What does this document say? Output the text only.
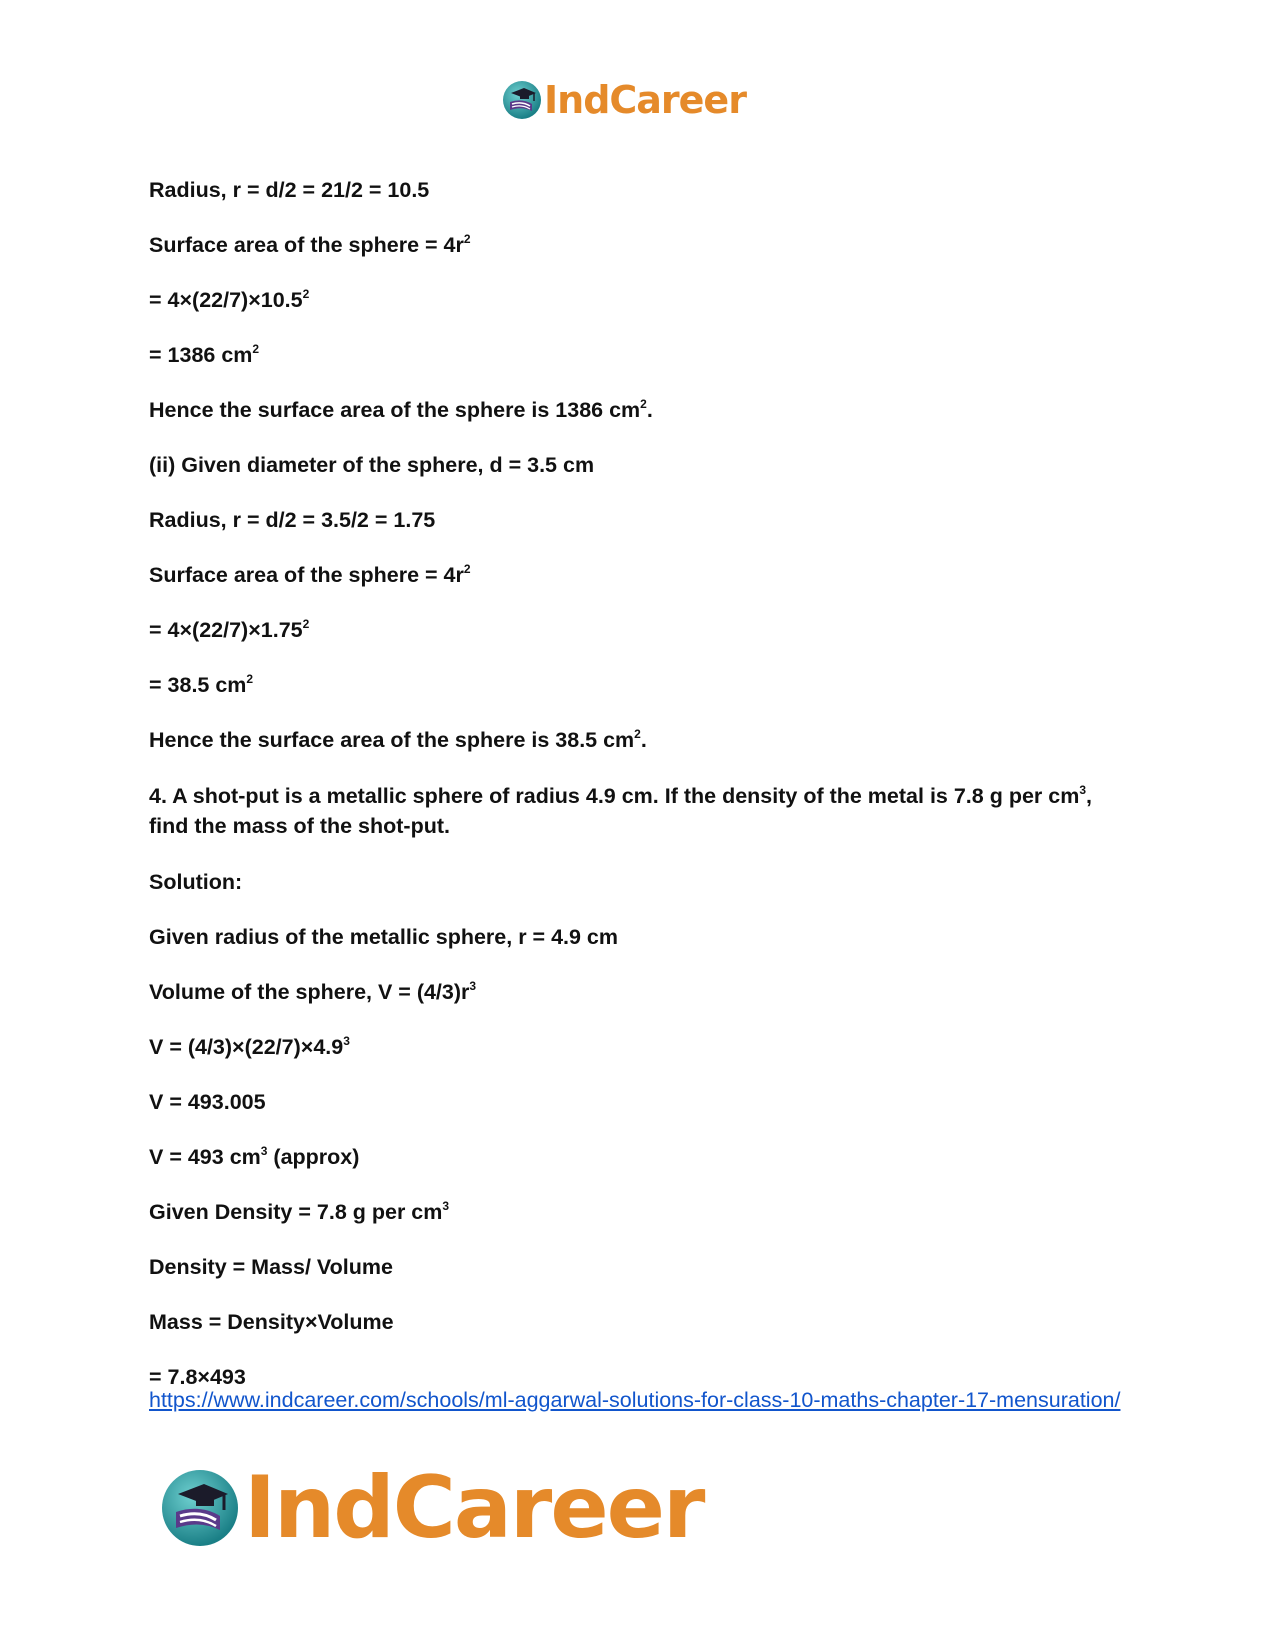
IndCareer
Radius, r = d/2 = 21/2 = 10.5
Surface area of the sphere = $4r^2$
= $4\times(22/7)\times 10.5^2$
= 1386 $cm^2$
Hence the surface area of the sphere is 1386 $cm^2$.
(ii) Given diameter of the sphere, d = 3.5 cm
Radius, r = d/2 = 3.5/2 = 1.75
Surface area of the sphere = $4r^2$
= $4\times(22/7)\times 1.75^2$
= 38.5 $cm^2$
Hence the surface area of the sphere is 38.5 $cm^2$.
4. A shot-put is a metallic sphere of radius 4.9 cm. If the density of the metal is 7.8 g per $cm^3$, find the mass of the shot-put.
Solution:
Given radius of the metallic sphere, r = 4.9 cm
Volume of the sphere, $V = (4/3)r^3$
$V = (4/3)\times(22/7)\times 4.9^3$
V = 493.005
V = 493 $cm^3$ (approx)
Given Density = 7.8 g per $cm^3$
Density = Mass/ Volume
Mass = Density×Volume
= 7.8×493
https://www.indcareer.com/schools/ml-aggarwal-solutions-for-class-10-maths-chapter-17-mensuration/
IndCareer
